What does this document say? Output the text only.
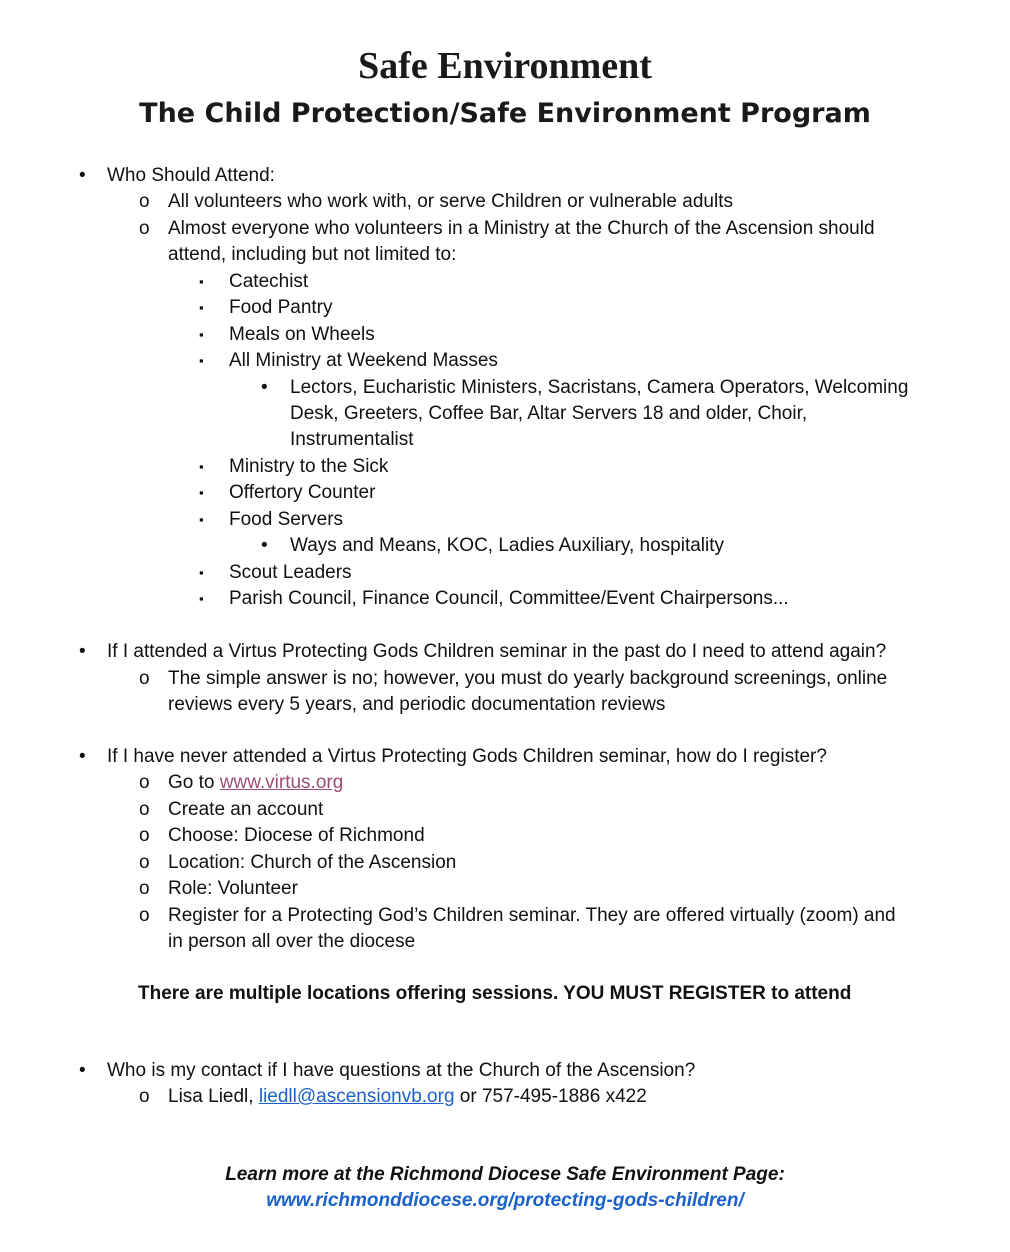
Safe Environment
The Child Protection/Safe Environment Program
• Who Should Attend:
o All volunteers who work with, or serve Children or vulnerable adults
o Almost everyone who volunteers in a Ministry at the Church of the Ascension should
attend, including but not limited to:
▪ Catechist
▪ Food Pantry
▪ Meals on Wheels
▪ All Ministry at Weekend Masses
• Lectors, Eucharistic Ministers, Sacristans, Camera Operators, Welcoming
Desk, Greeters, Coffee Bar, Altar Servers 18 and older, Choir,
Instrumentalist
▪ Ministry to the Sick
▪ Offertory Counter
▪ Food Servers
• Ways and Means, KOC, Ladies Auxiliary, hospitality
▪ Scout Leaders
▪ Parish Council, Finance Council, Committee/Event Chairpersons...
• If I attended a Virtus Protecting Gods Children seminar in the past do I need to attend again?
o The simple answer is no; however, you must do yearly background screenings, online
reviews every 5 years, and periodic documentation reviews
• If I have never attended a Virtus Protecting Gods Children seminar, how do I register?
o Go to www.virtus.org
o Create an account
o Choose: Diocese of Richmond
o Location: Church of the Ascension
o Role: Volunteer
o Register for a Protecting God’s Children seminar. They are offered virtually (zoom) and
in person all over the diocese
There are multiple locations offering sessions. YOU MUST REGISTER to attend
• Who is my contact if I have questions at the Church of the Ascension?
o Lisa Liedl, liedll@ascensionvb.org or 757-495-1886 x422
Learn more at the Richmond Diocese Safe Environment Page:
www.richmonddiocese.org/protecting-gods-children/
